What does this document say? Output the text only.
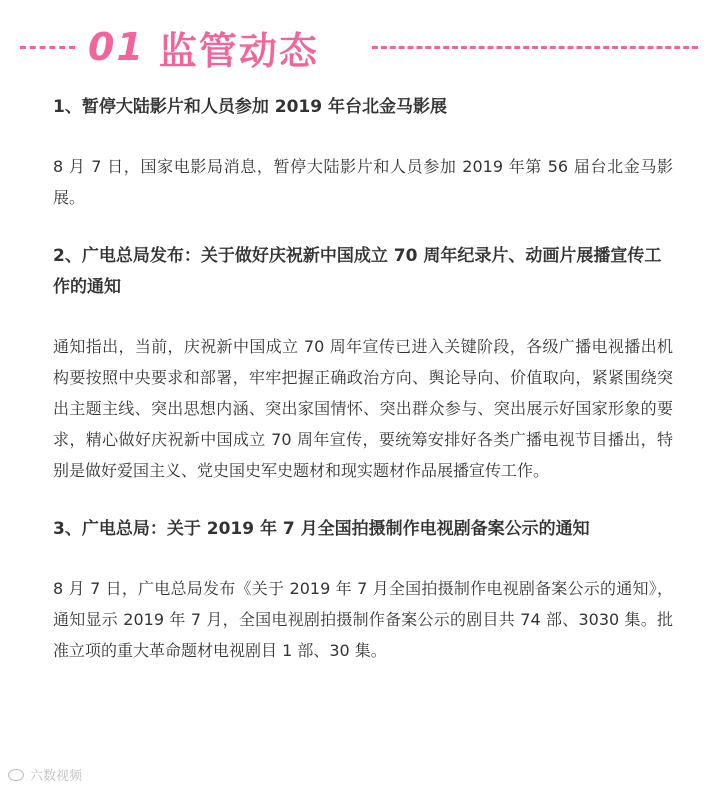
01 监管动态

1、暂停大陆影片和人员参加 2019 年台北金马影展

8 月 7 日，国家电影局消息，暂停大陆影片和人员参加 2019 年第 56 届台北金马影展。

2、广电总局发布：关于做好庆祝新中国成立 70 周年纪录片、动画片展播宣传工作的通知

通知指出，当前，庆祝新中国成立 70 周年宣传已进入关键阶段，各级广播电视播出机构要按照中央要求和部署，牢牢把握正确政治方向、舆论导向、价值取向，紧紧围绕突出主题主线、突出思想内涵、突出家国情怀、突出群众参与、突出展示好国家形象的要求，精心做好庆祝新中国成立 70 周年宣传，要统筹安排好各类广播电视节目播出，特别是做好爱国主义、党史国史军史题材和现实题材作品展播宣传工作。

3、广电总局：关于 2019 年 7 月全国拍摄制作电视剧备案公示的通知

8 月 7 日，广电总局发布《关于 2019 年 7 月全国拍摄制作电视剧备案公示的通知》，通知显示 2019 年 7 月，全国电视剧拍摄制作备案公示的剧目共 74 部、3030 集。批准立项的重大革命题材电视剧目 1 部、30 集。

六数视频
